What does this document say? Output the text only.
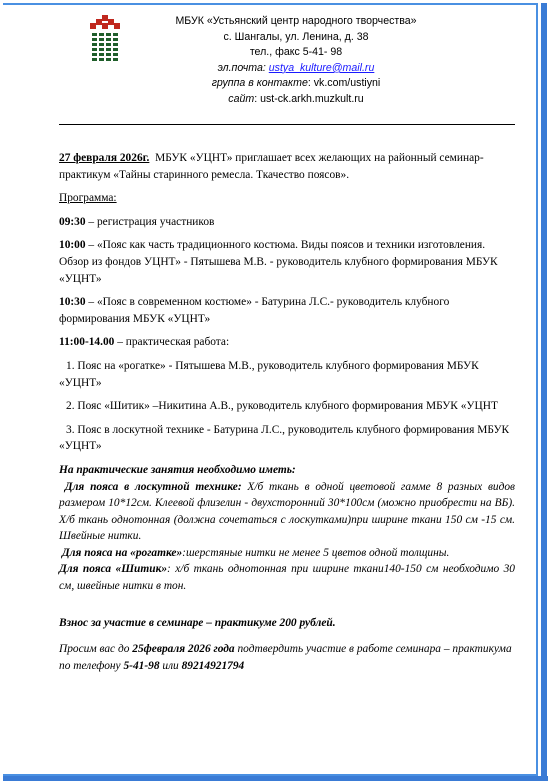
МБУК «Устьянский центр народного творчества»
с. Шангалы, ул. Ленина, д. 38
тел., факс 5-41- 98
эл.почта: ustya_kulture@mail.ru
группа в контакте: vk.com/ustiyni
сайт: ust-ck.arkh.muzkult.ru

27 февраля 2026г. МБУК «УЦНТ» приглашает всех желающих на районный семинар-практикум «Тайны старинного ремесла. Ткачество поясов».

Программа:

09:30 – регистрация участников

10:00 – «Пояс как часть традиционного костюма. Виды поясов и техники изготовления. Обзор из фондов УЦНТ» - Пятышева М.В. - руководитель клубного формирования МБУК «УЦНТ»

10:30 – «Пояс в современном костюме» - Батурина Л.С.- руководитель клубного формирования МБУК «УЦНТ»

11:00-14.00 – практическая работа:

1. Пояс на «рогатке» - Пятышева М.В., руководитель клубного формирования МБУК «УЦНТ»

2. Пояс «Шитик» –Никитина А.В., руководитель клубного формирования МБУК «УЦНТ

3. Пояс в лоскутной технике - Батурина Л.С., руководитель клубного формирования МБУК «УЦНТ»

На практические занятия необходимо иметь:

Для пояса в лоскутной технике: Х/б ткань в одной цветовой гамме 8 разных видов размером 10*12см. Клеевой флизелин - двухсторонний 30*100см (можно приобрести на ВБ). Х/б ткань однотонная (должна сочетаться с лоскутками)при ширине ткани 150 см -15 см. Швейные нитки.

Для пояса на «рогатке»:шерстяные нитки не менее 5 цветов одной толщины.

Для пояса «Шитик»: х/б ткань однотонная при ширине ткани140-150 см необходимо 30 см, швейные нитки в тон.

Взнос за участие в семинаре – практикуме 200 рублей.

Просим вас до 25февраля 2026 года подтвердить участие в работе семинара – практикума по телефону 5-41-98 или 89214921794
